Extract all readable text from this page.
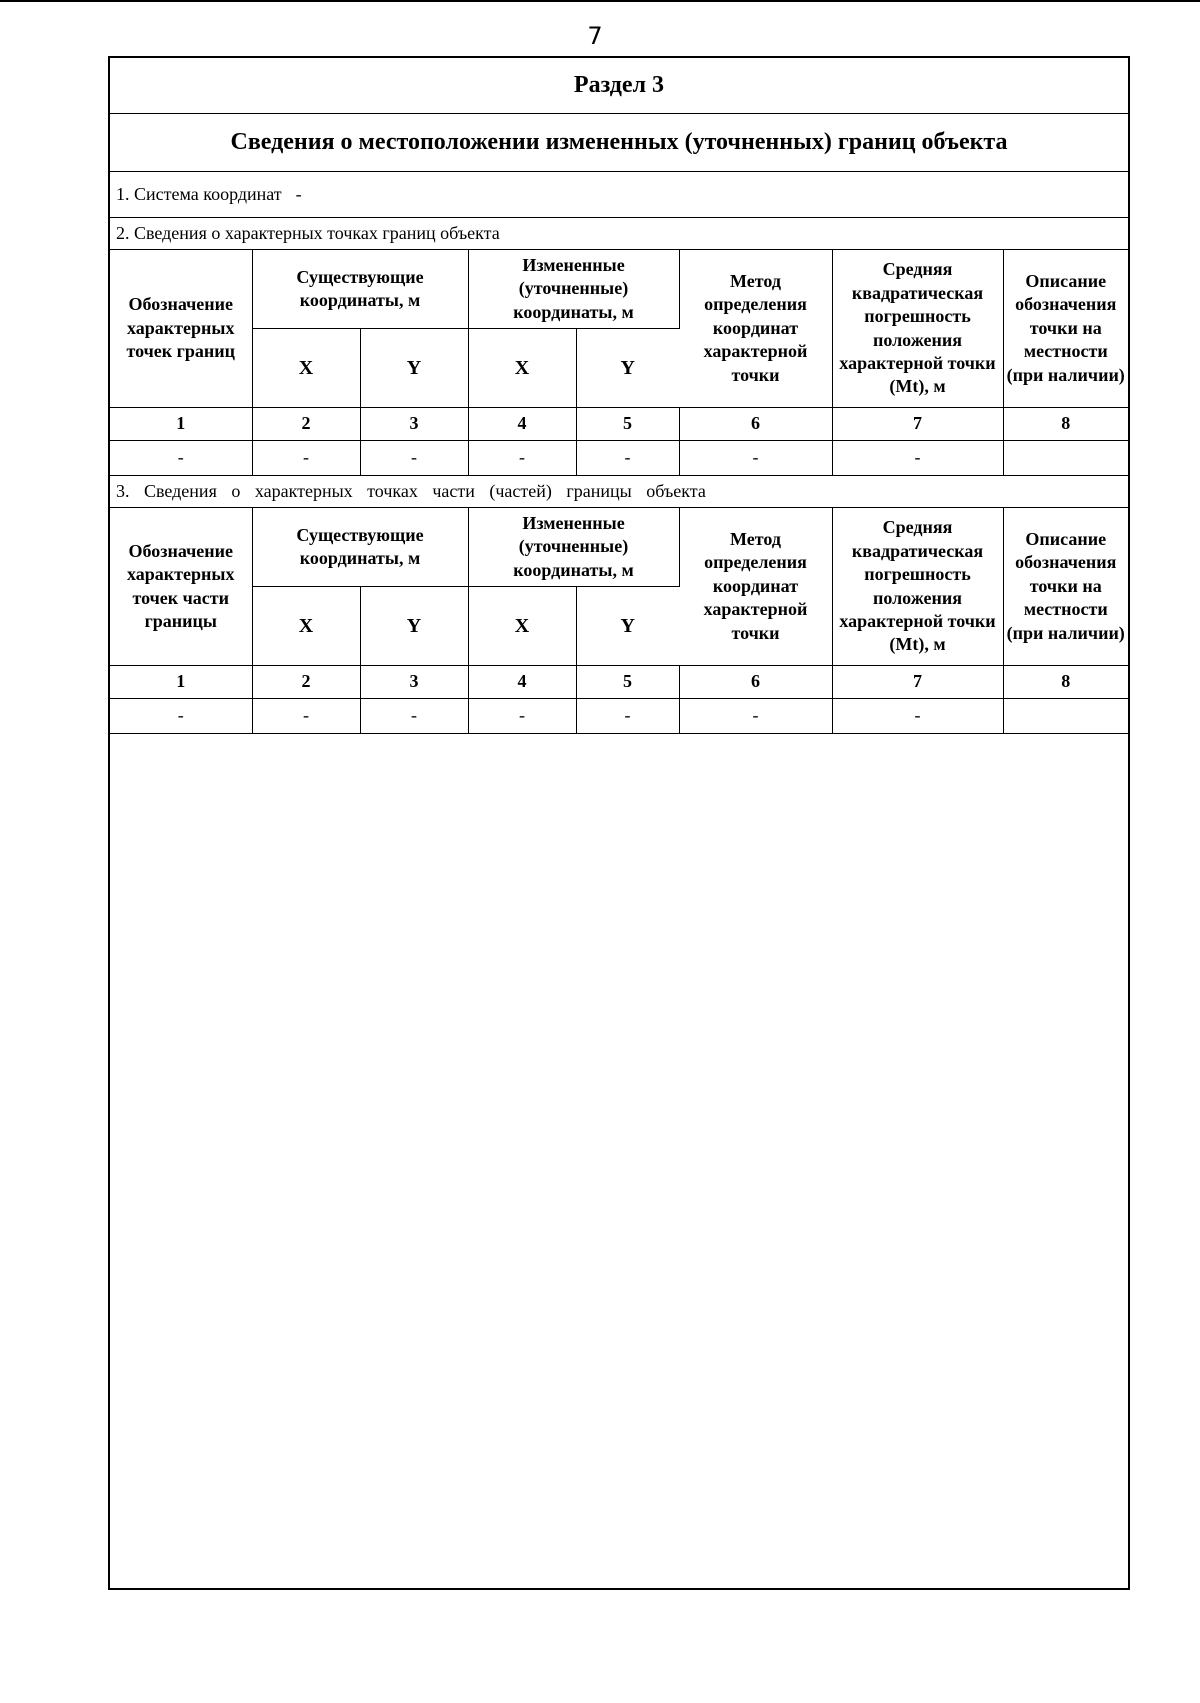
7
Раздел 3
Сведения о местоположении измененных (уточненных) границ объекта
1. Система координат -
2. Сведения о характерных точках границ объекта
Обозначение характерных точек границ	Существующие координаты, м		Измененные (уточненные) координаты, м		Метод определения координат характерной точки	Средняя квадратическая погрешность положения характерной точки (Mt), м	Описание обозначения точки на местности (при наличии)
	X	Y	X	Y			
1	2	3	4	5	6	7	8
-	-	-	-	-	-	-	
3. Сведения о характерных точках части (частей) границы объекта
Обозначение характерных точек части границы	Существующие координаты, м		Измененные (уточненные) координаты, м		Метод определения координат характерной точки	Средняя квадратическая погрешность положения характерной точки (Mt), м	Описание обозначения точки на местности (при наличии)
	X	Y	X	Y			
1	2	3	4	5	6	7	8
-	-	-	-	-	-	-	
